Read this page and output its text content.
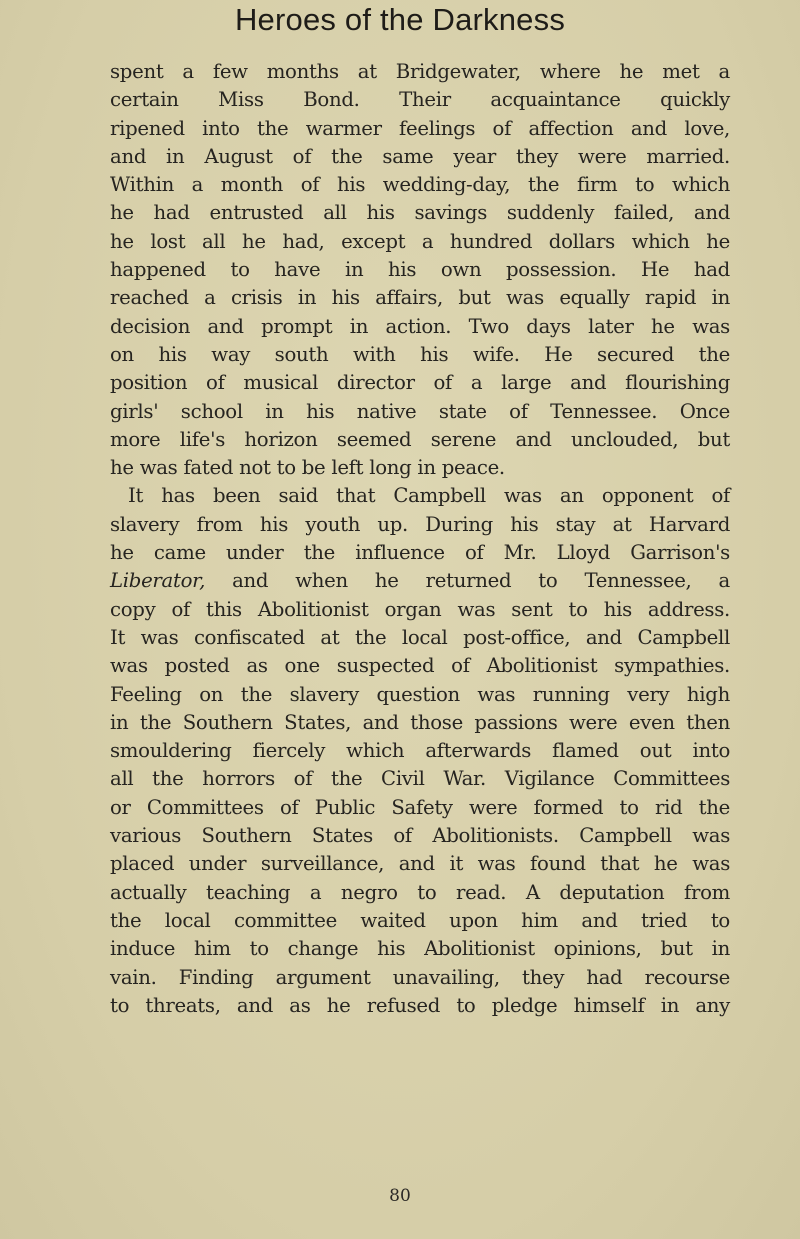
Heroes of the Darkness
spent a few months at Bridgewater, where he met a
certain Miss Bond. Their acquaintance quickly
ripened into the warmer feelings of affection and love,
and in August of the same year they were married.
Within a month of his wedding-day, the firm to which
he had entrusted all his savings suddenly failed, and
he lost all he had, except a hundred dollars which he
happened to have in his own possession. He had
reached a crisis in his affairs, but was equally rapid in
decision and prompt in action. Two days later he was
on his way south with his wife. He secured the
position of musical director of a large and flourishing
girls' school in his native state of Tennessee. Once
more life's horizon seemed serene and unclouded, but
he was fated not to be left long in peace.
It has been said that Campbell was an opponent of
slavery from his youth up. During his stay at Harvard
he came under the influence of Mr. Lloyd Garrison's
Liberator, and when he returned to Tennessee, a
copy of this Abolitionist organ was sent to his address.
It was confiscated at the local post-office, and Campbell
was posted as one suspected of Abolitionist sympathies.
Feeling on the slavery question was running very high
in the Southern States, and those passions were even then
smouldering fiercely which afterwards flamed out into
all the horrors of the Civil War. Vigilance Committees
or Committees of Public Safety were formed to rid the
various Southern States of Abolitionists. Campbell was
placed under surveillance, and it was found that he was
actually teaching a negro to read. A deputation from
the local committee waited upon him and tried to
induce him to change his Abolitionist opinions, but in
vain. Finding argument unavailing, they had recourse
to threats, and as he refused to pledge himself in any
80
